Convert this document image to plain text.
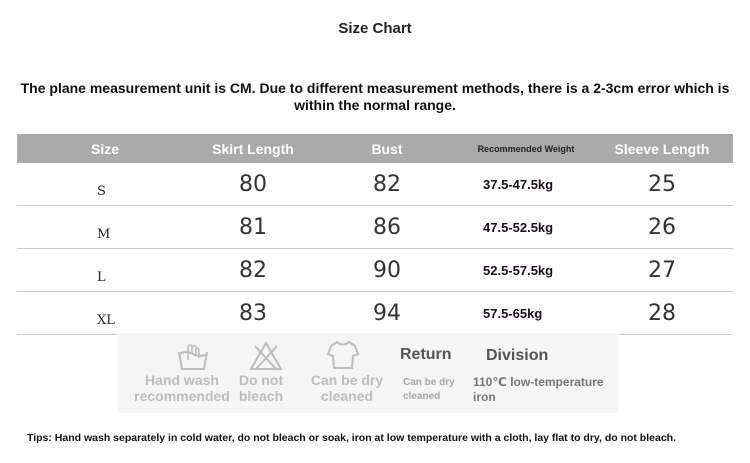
Size Chart
The plane measurement unit is CM. Due to different measurement methods, there is a 2-3cm error which is within the normal range.
Size	Skirt Length	Bust	Recommended Weight	Sleeve Length
S	80	82	37.5-47.5kg	25
M	81	86	47.5-52.5kg	26
L	82	90	52.5-57.5kg	27
XL	83	94	57.5-65kg	28
Hand wash recommended
Do not bleach
Can be dry cleaned
Return
Can be dry cleaned
Division
110℃ low-temperature iron
Tips: Hand wash separately in cold water, do not bleach or soak, iron at low temperature with a cloth, lay flat to dry, do not bleach.
